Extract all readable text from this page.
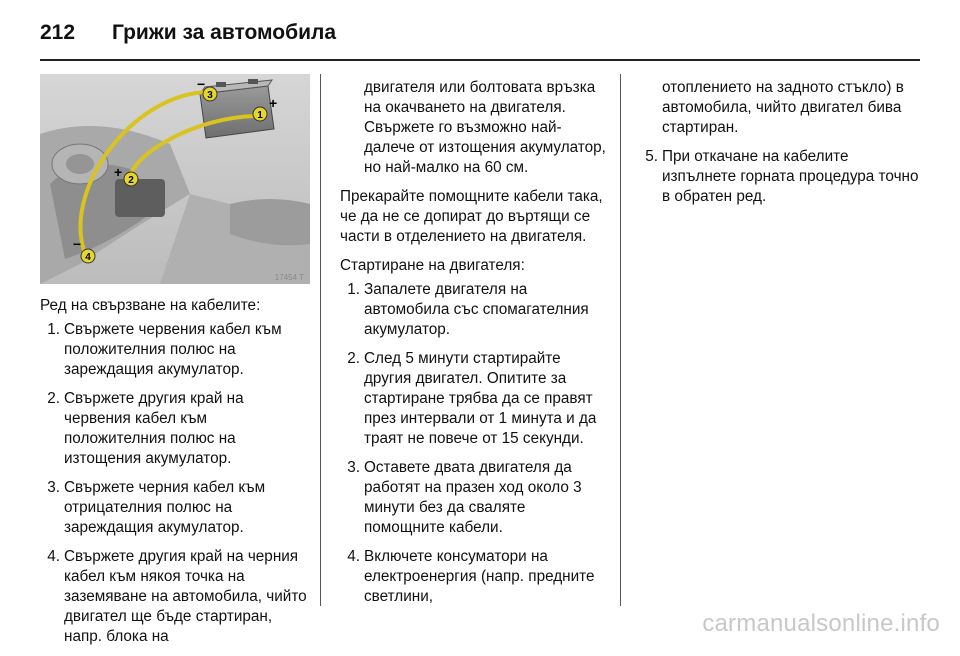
212	Грижи за автомобила
1
2
3
4
+
−
+
−
17454 T

Ред на свързване на кабелите:

1. Свържете червения кабел към положителния полюс на зареждащия акумулатор.
2. Свържете другия край на червения кабел към положителния полюс на изтощения акумулатор.
3. Свържете черния кабел към отрицателния полюс на зареждащия акумулатор.
4. Свържете другия край на черния кабел към някоя точка на заземяване на автомобила, чийто двигател ще бъде стартиран, напр. блока на

двигателя или болтовата връзка на окачването на двигателя. Свържете го възможно най-далече от изтощения акумулатор, но най-малко на 60 см.

Прекарайте помощните кабели така, че да не се допират до въртящи се части в отделението на двигателя.

Стартиране на двигателя:

1. Запалете двигателя на автомобила със спомагателния акумулатор.
2. След 5 минути стартирайте другия двигател. Опитите за стартиране трябва да се правят през интервали от 1 минута и да траят не повече от 15 секунди.
3. Оставете двата двигателя да работят на празен ход около 3 минути без да сваляте помощните кабели.
4. Включете консуматори на електроенергия (напр. предните светлини,

отоплението на задното стъкло) в автомобила, чийто двигател бива стартиран.

5. При откачане на кабелите изпълнете горната процедура точно в обратен ред.
carmanualsonline.info
